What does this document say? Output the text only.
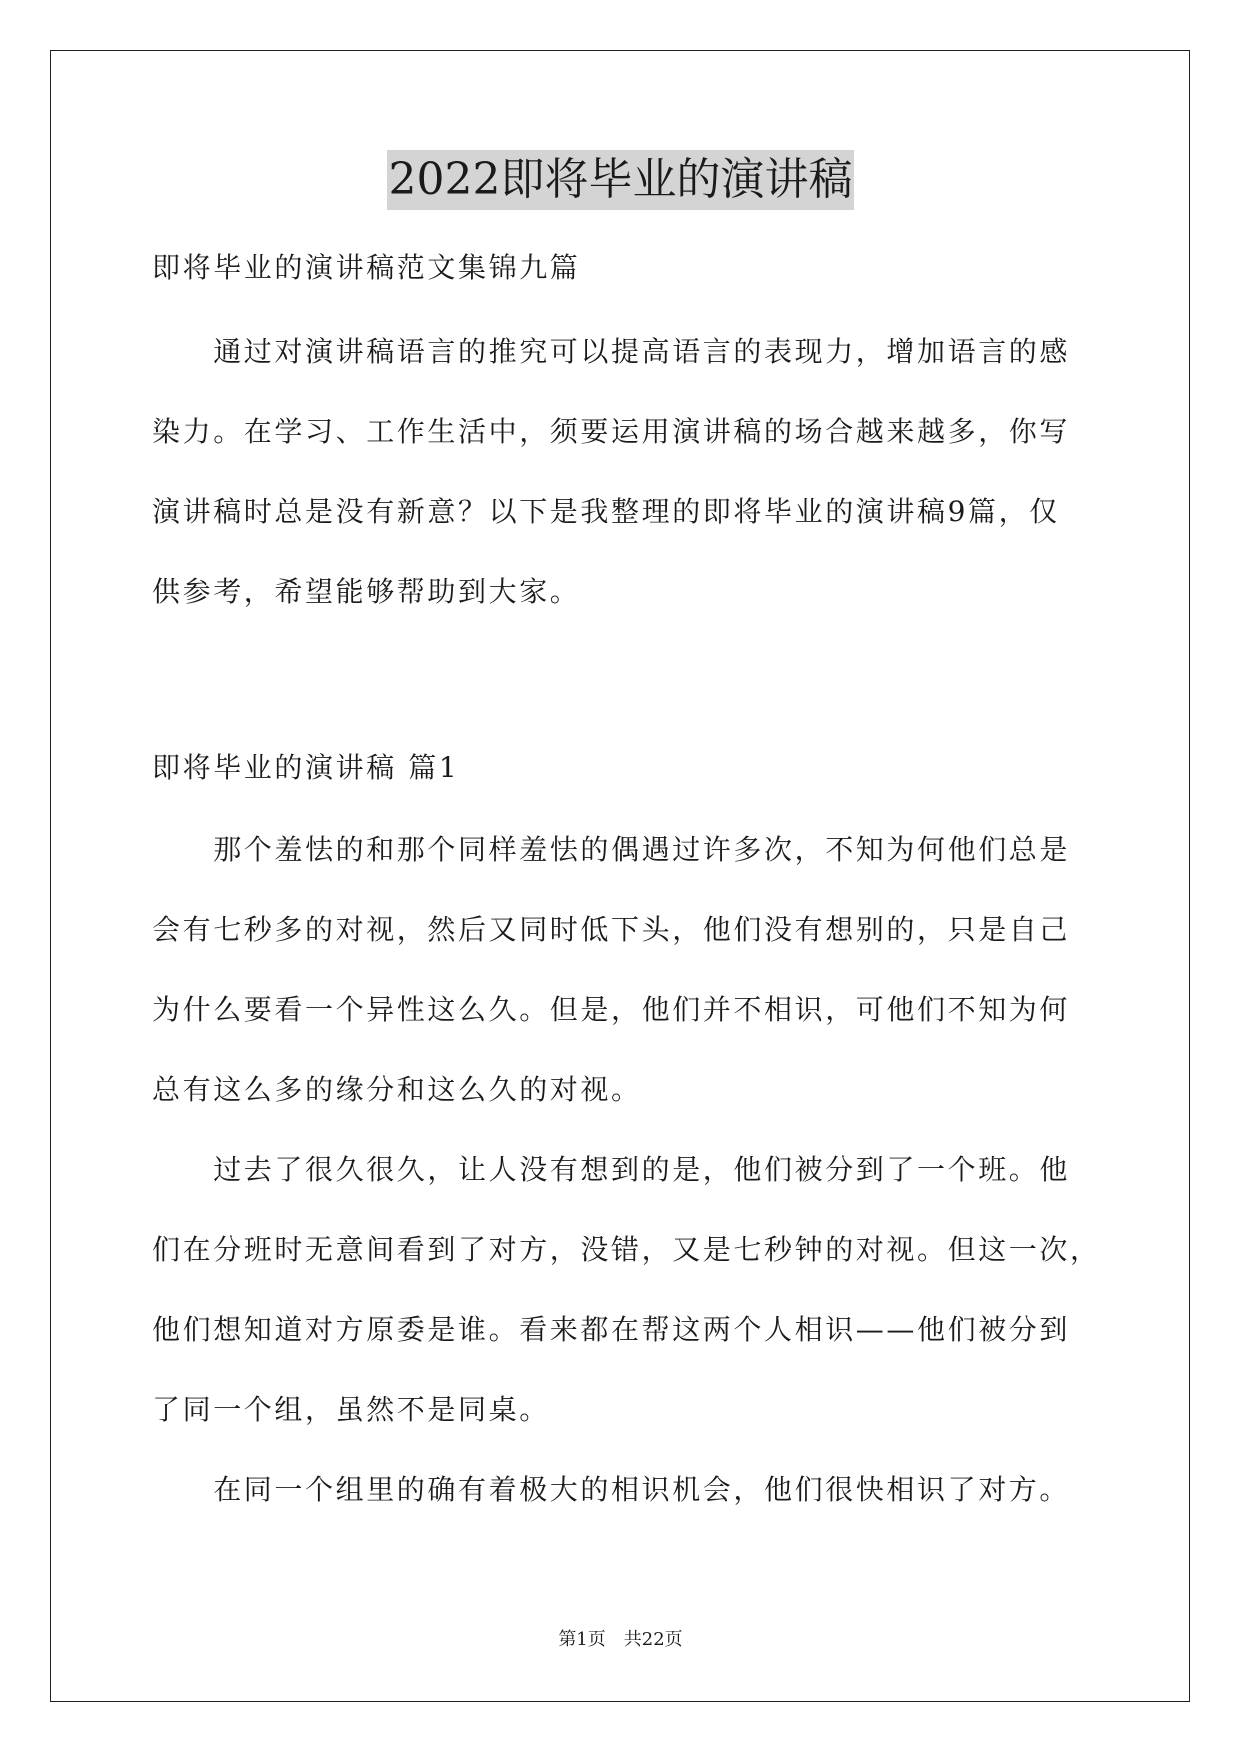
2022即将毕业的演讲稿
即将毕业的演讲稿范文集锦九篇
　　通过对演讲稿语言的推究可以提高语言的表现力，增加语言的感
染力。在学习、工作生活中，须要运用演讲稿的场合越来越多，你写
演讲稿时总是没有新意？以下是我整理的即将毕业的演讲稿9篇，仅
供参考，希望能够帮助到大家。
即将毕业的演讲稿 篇1
　　那个羞怯的和那个同样羞怯的偶遇过许多次，不知为何他们总是
会有七秒多的对视，然后又同时低下头，他们没有想别的，只是自己
为什么要看一个异性这么久。但是，他们并不相识，可他们不知为何
总有这么多的缘分和这么久的对视。
　　过去了很久很久，让人没有想到的是，他们被分到了一个班。他
们在分班时无意间看到了对方，没错，又是七秒钟的对视。但这一次，
他们想知道对方原委是谁。看来都在帮这两个人相识——他们被分到
了同一个组，虽然不是同桌。
　　在同一个组里的确有着极大的相识机会，他们很快相识了对方。
第1页　共22页
